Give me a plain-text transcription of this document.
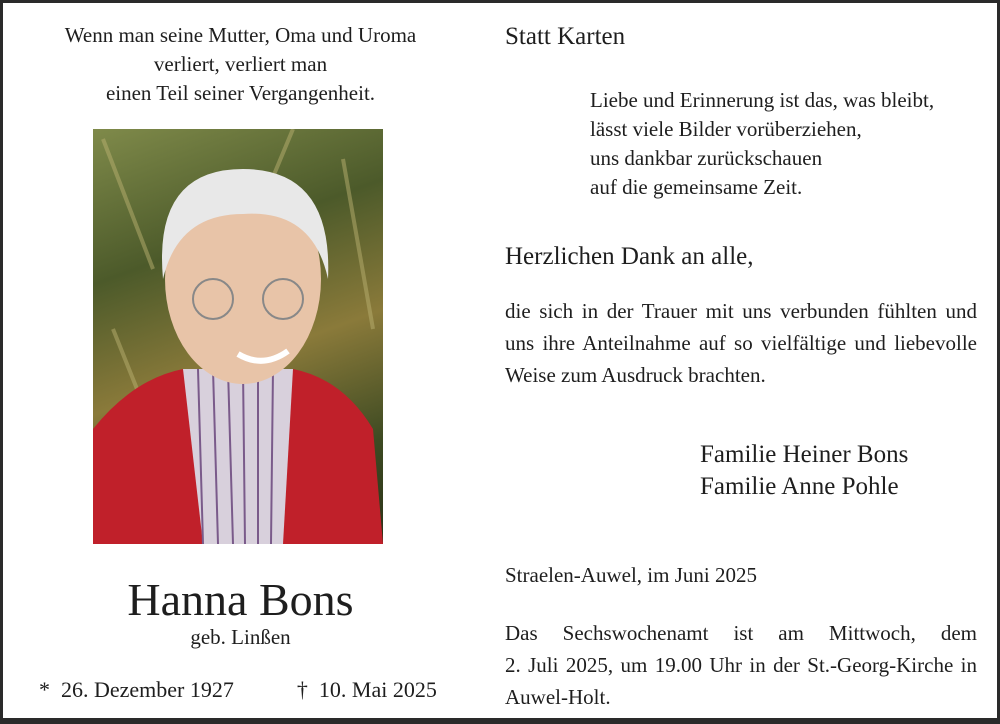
Wenn man seine Mutter, Oma und Uroma
verliert, verliert man
einen Teil seiner Vergangenheit.
Hanna Bons
geb. Linßen
* 26. Dezember 1927	† 10. Mai 2025
Statt Karten
Liebe und Erinnerung ist das, was bleibt,
lässt viele Bilder vorüberziehen,
uns dankbar zurückschauen
auf die gemeinsame Zeit.
Herzlichen Dank an alle,
die sich in der Trauer mit uns verbunden fühlten und uns ihre Anteilnahme auf so vielfältige und liebevolle Weise zum Ausdruck brachten.
Familie Heiner Bons
Familie Anne Pohle
Straelen-Auwel, im Juni 2025
Das Sechswochenamt ist am Mittwoch, dem
2. Juli 2025, um 19.00 Uhr in der St.-Georg-Kirche in Auwel-Holt.
